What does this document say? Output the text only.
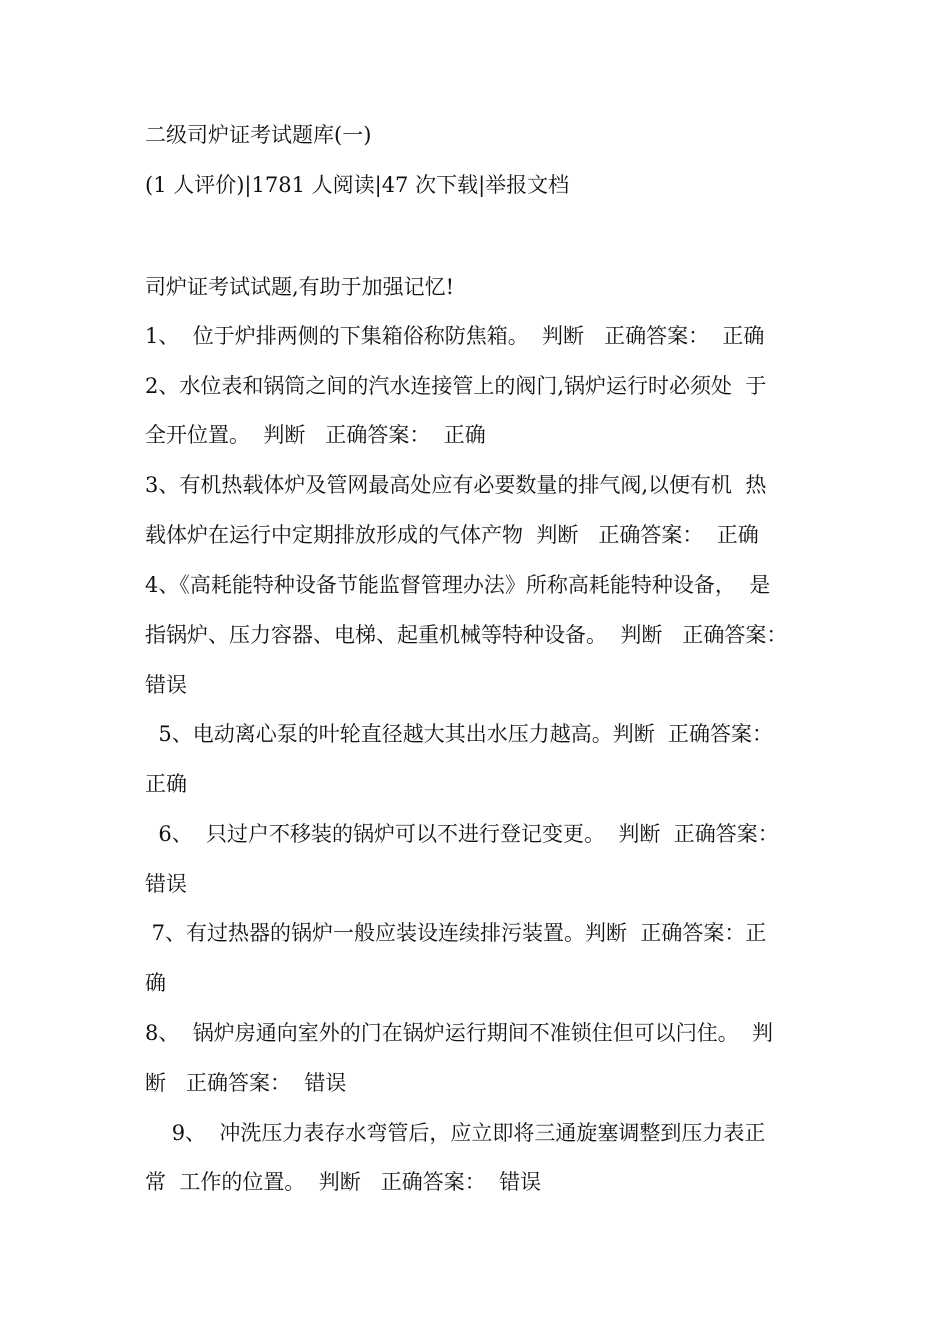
二级司炉证考试题库(一)
(1 人评价)|1781 人阅读|47 次下载|举报文档
司炉证考试试题,有助于加强记忆!
1、  位于炉排两侧的下集箱俗称防焦箱。  判断   正确答案：  正确
2、水位表和锅筒之间的汽水连接管上的阀门,锅炉运行时必须处  于
全开位置。  判断   正确答案：  正确
3、有机热载体炉及管网最高处应有必要数量的排气阀,以便有机  热
载体炉在运行中定期排放形成的气体产物  判断   正确答案：  正确
4、《高耗能特种设备节能监督管理办法》所称高耗能特种设备，  是
指锅炉、压力容器、电梯、起重机械等特种设备。  判断   正确答案：
错误
5、电动离心泵的叶轮直径越大其出水压力越高。判断  正确答案：
正确
6、  只过户不移装的锅炉可以不进行登记变更。  判断  正确答案：
错误
7、有过热器的锅炉一般应装设连续排污装置。判断  正确答案：正
确
8、  锅炉房通向室外的门在锅炉运行期间不准锁住但可以闩住。  判
断   正确答案：  错误
9、  冲洗压力表存水弯管后，应立即将三通旋塞调整到压力表正
常  工作的位置。  判断   正确答案：  错误
